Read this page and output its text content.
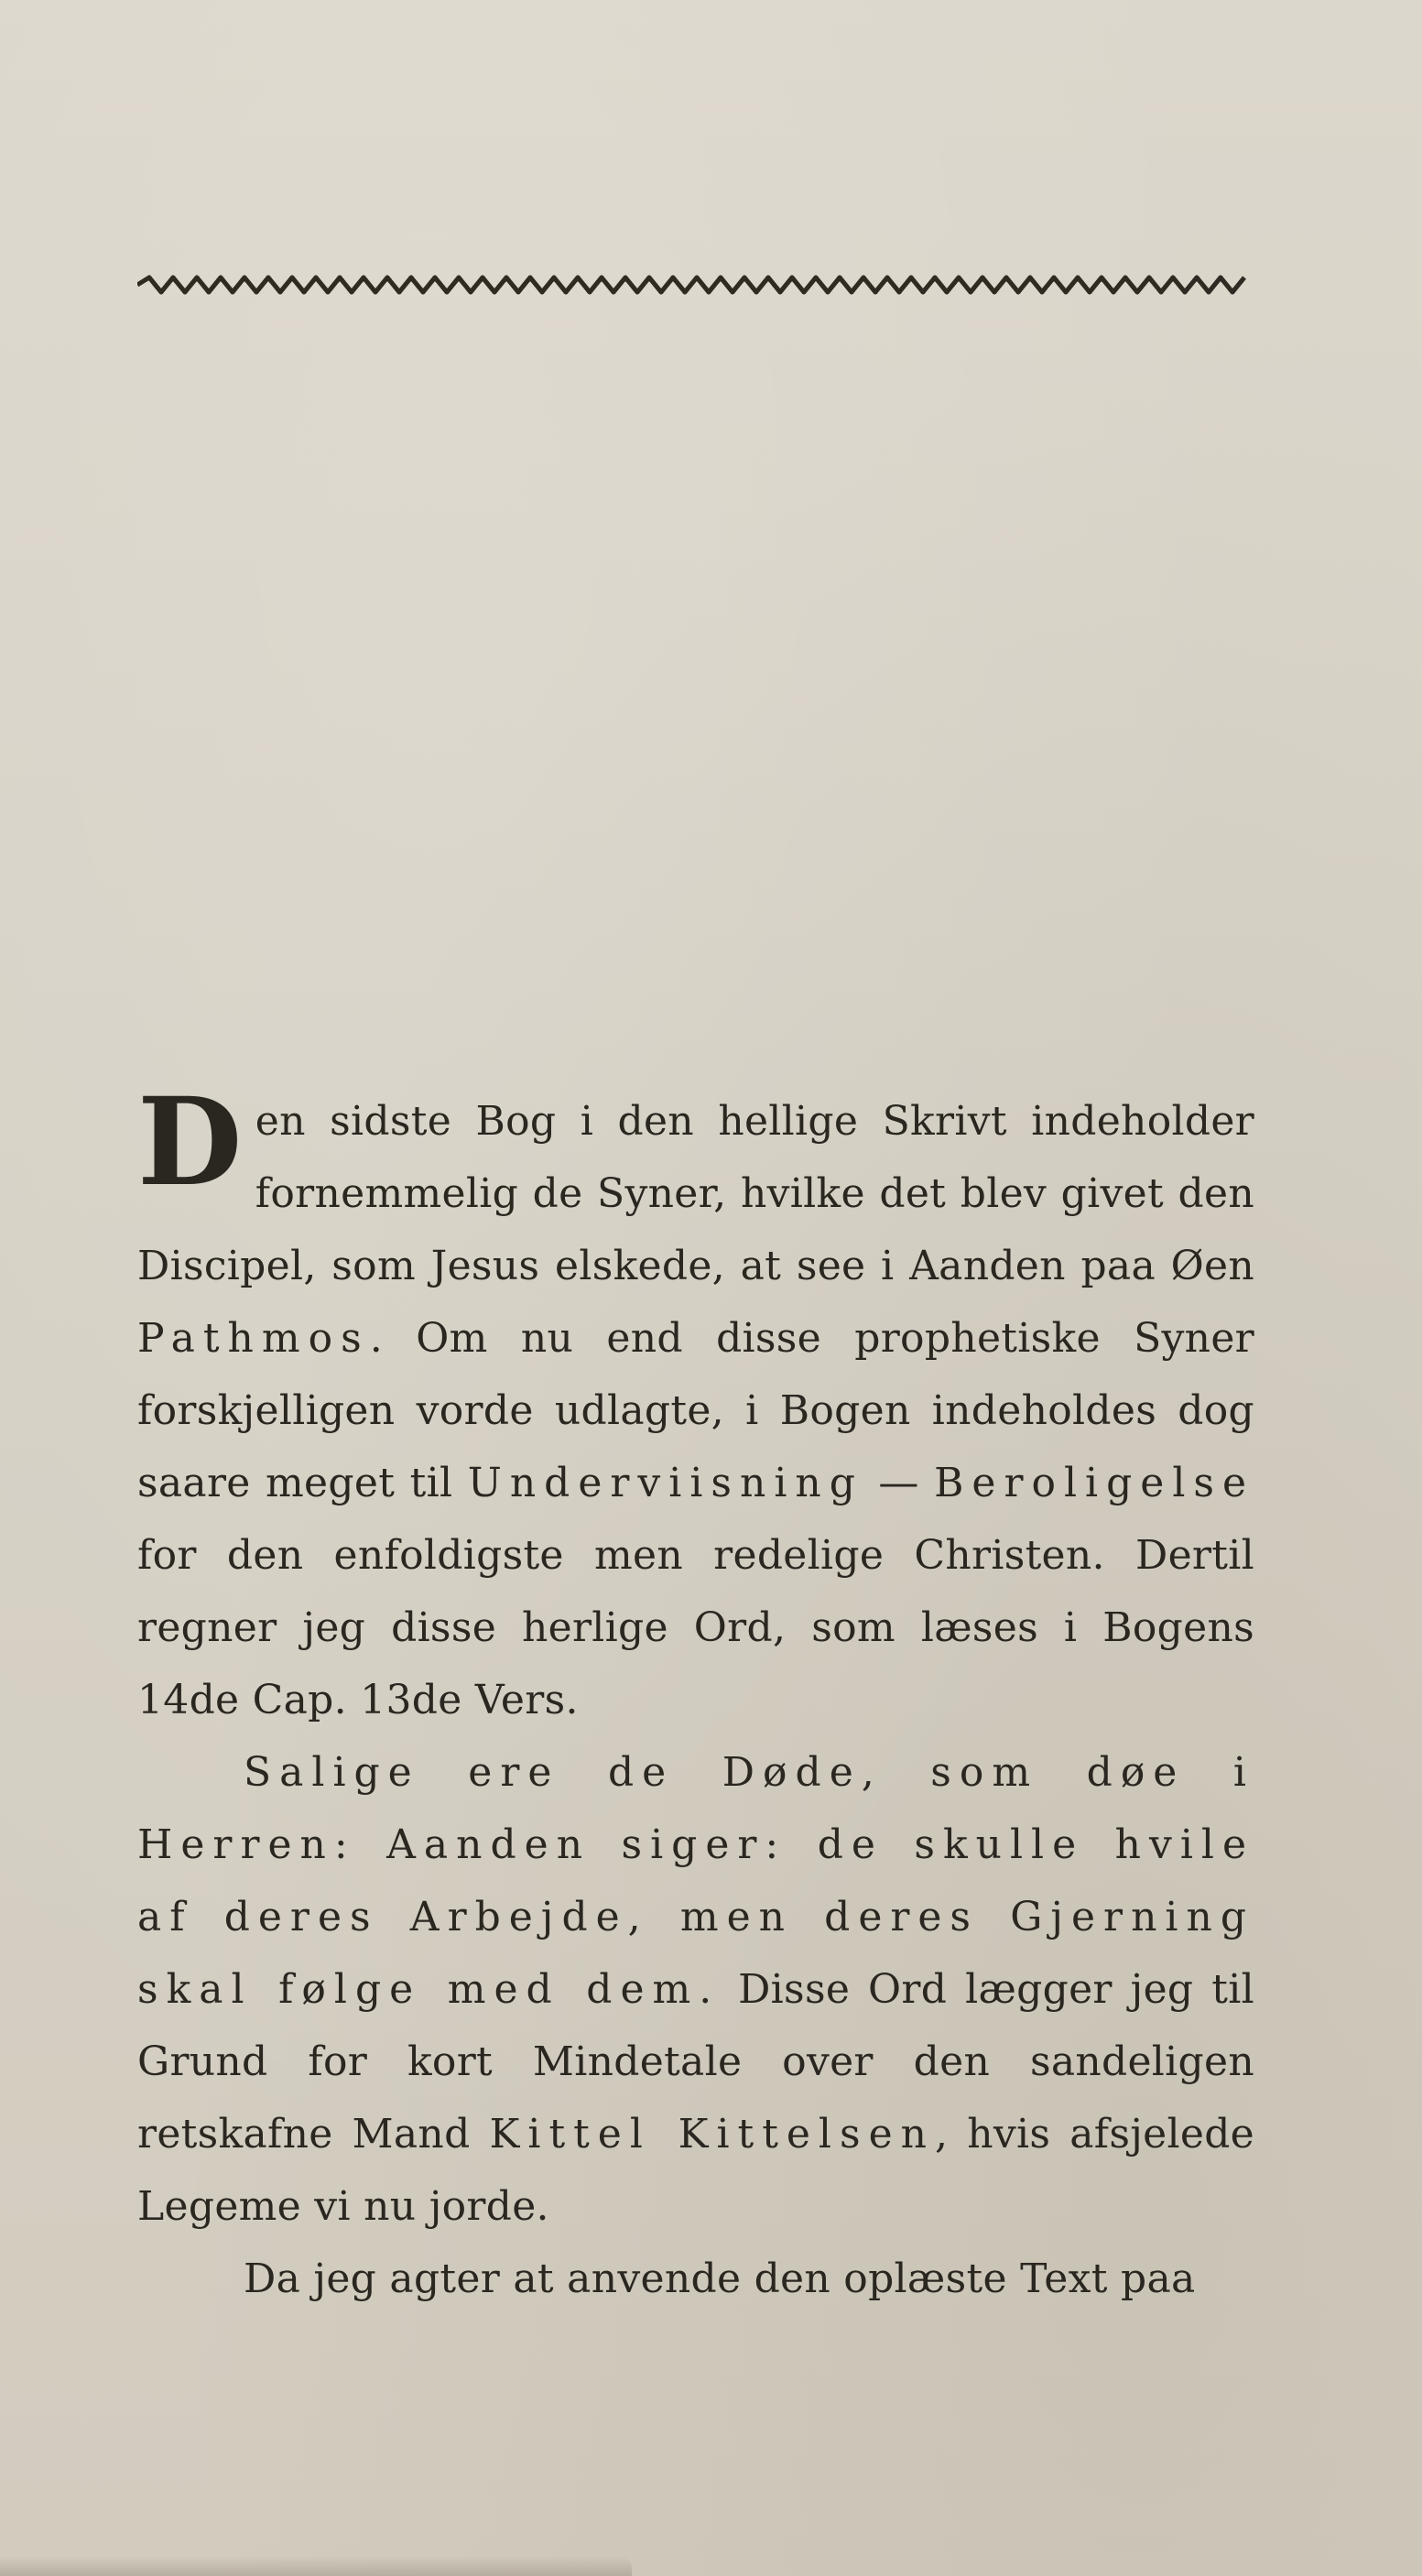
Den sidste Bog i den hellige Skrivt indeholder fornemmelig de Syner, hvilke det blev givet den Discipel, som Jesus elskede, at see i Aanden paa Øen Pathmos. Om nu end disse prophetiske Syner forskjelligen vorde udlagte, i Bogen indeholdes dog saare meget til Underviisning — Beroligelse for den enfoldigste men redelige Christen. Dertil regner jeg disse herlige Ord, som læses i Bogens 14de Cap. 13de Vers.

Salige ere de Døde, som døe i Herren: Aanden siger: de skulle hvile af deres Arbejde, men deres Gjerning skal følge med dem. Disse Ord lægger jeg til Grund for kort Mindetale over den sandeligen retskafne Mand Kittel Kittelsen, hvis afsjelede Legeme vi nu jorde.

Da jeg agter at anvende den oplæste Text paa
